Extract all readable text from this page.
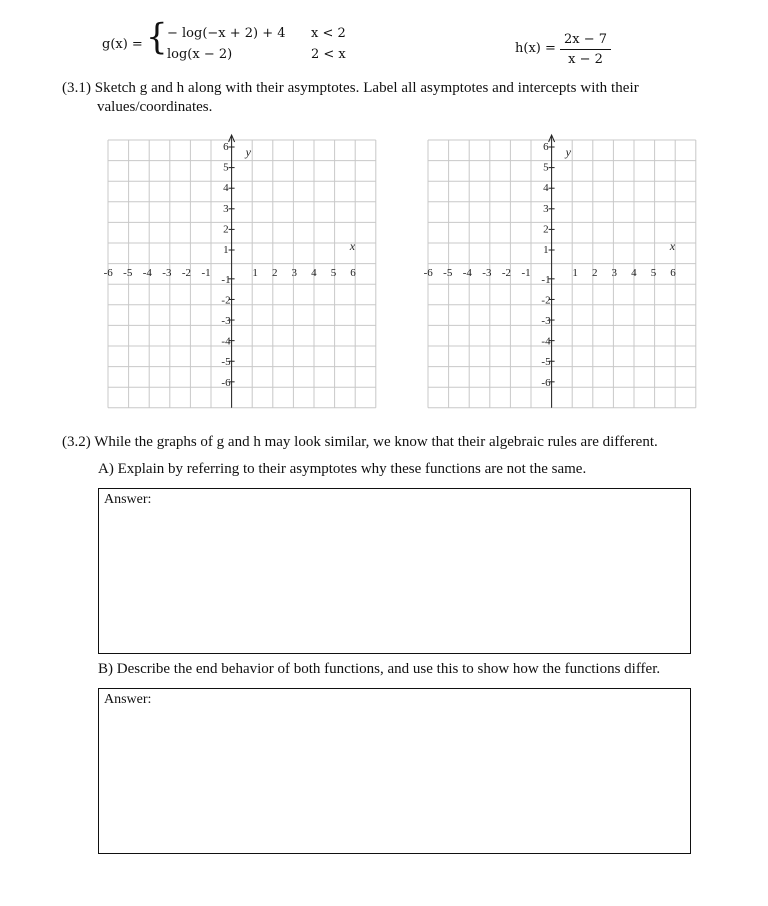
g(x) = { − log(−x + 2) + 4 x < 2
log(x − 2)	2 < x	$h(x) = \frac{2x - 7}{x - 2}$
(3.1) Sketch g and h along with their asymptotes. Label all asymptotes and intercepts with their
values/coordinates.
-6 -5 -4 -3 -2 -1	1 2 3 4 5 6
6
5
4
3
2
1
-1
-2
-3
-4
-5
-6
y
x
-6 -5 -4 -3 -2 -1	1 2 3 4 5 6
6
5
4
3
2
1
-1
-2
-3
-4
-5
-6
y
x
(3.2) While the graphs of g and h may look similar, we know that their algebraic rules are different.
A) Explain by referring to their asymptotes why these functions are not the same.
Answer:
B) Describe the end behavior of both functions, and use this to show how the functions differ.
Answer:
